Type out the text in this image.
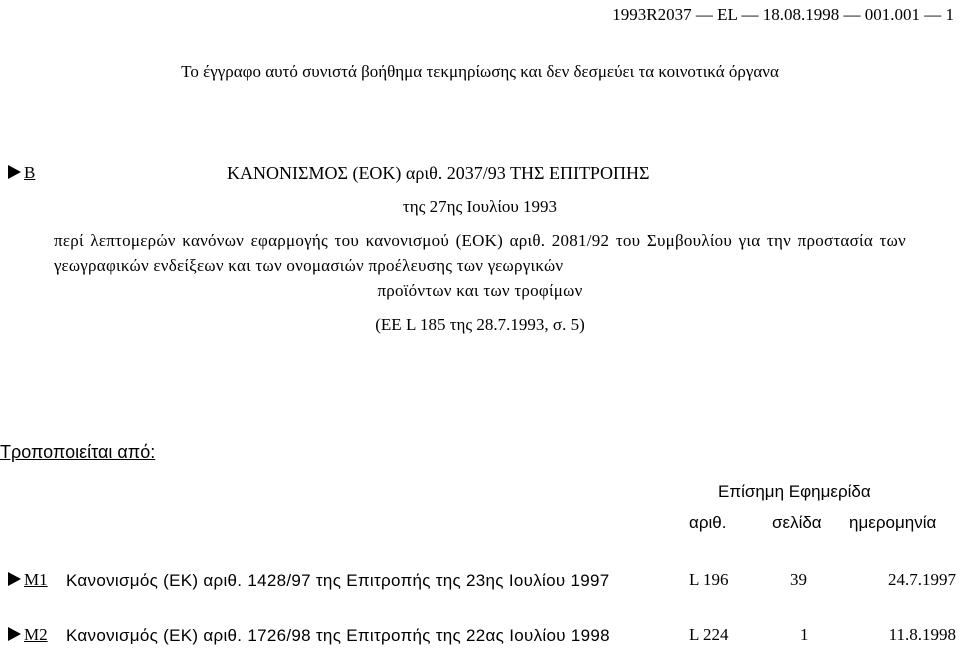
1993R2037 — EL — 18.08.1998 — 001.001 — 1
Το έγγραφο αυτό συνιστά βοήθημα τεκμηρίωσης και δεν δεσμεύει τα κοινοτικά όργανα
B	ΚΑΝΟΝΙΣΜΟΣ (ΕΟΚ) αριθ. 2037/93 ΤΗΣ ΕΠΙΤΡΟΠΗΣ
της 27ης Ιουλίου 1993
περί λεπτομερών κανόνων εφαρμογής του κανονισμού (ΕΟΚ) αριθ. 2081/92 του Συμβουλίου για την προστασία των γεωγραφικών ενδείξεων και των ονομασιών προέλευσης των γεωργικών
προϊόντων και των τροφίμων
(ΕΕ L 185 της 28.7.1993, σ. 5)
Τροποποιείται από:
Επίσημη Εφημερίδα
αριθ.	σελίδα ημερομηνία
M1 Κανονισμός (ΕΚ) αριθ. 1428/97 της Επιτροπής της 23ης Ιουλίου 1997	L 196	39	24.7.1997
M2 Κανονισμός (ΕΚ) αριθ. 1726/98 της Επιτροπής της 22ας Ιουλίου 1998	L 224	1	11.8.1998
